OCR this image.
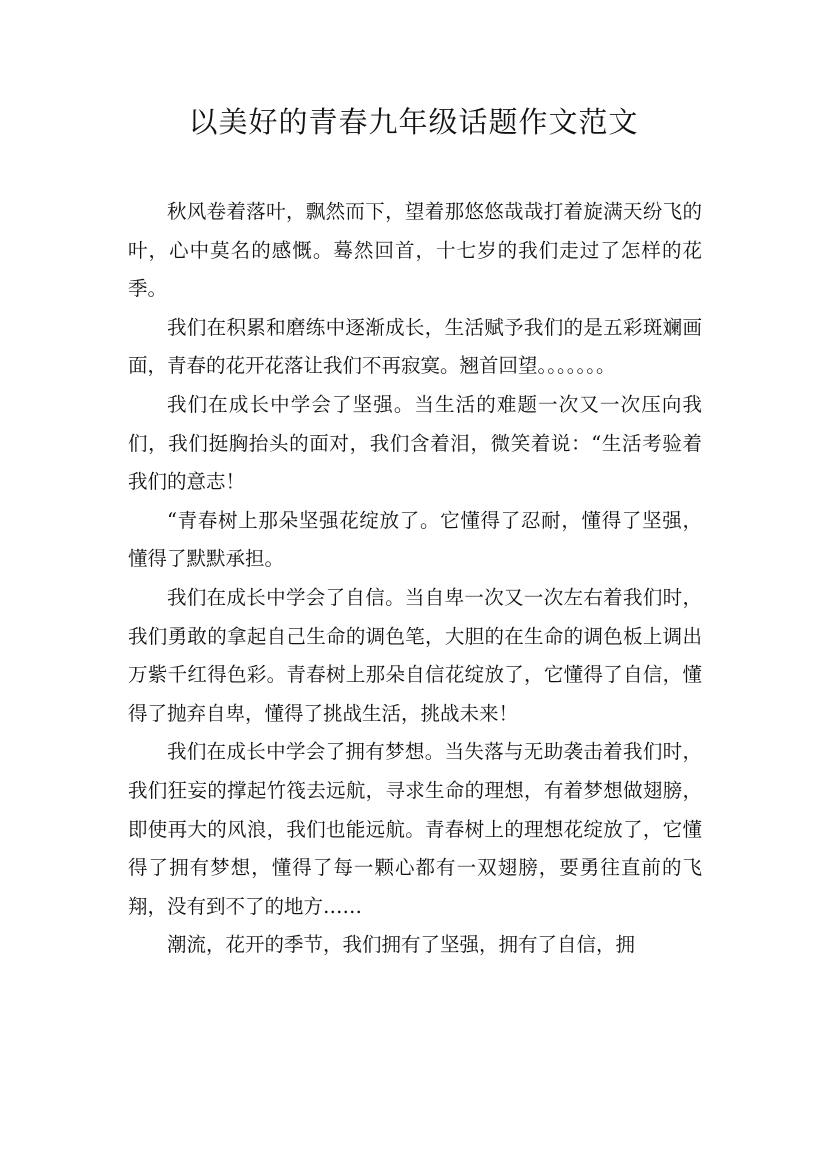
以美好的青春九年级话题作文范文

秋风卷着落叶，飘然而下，望着那悠悠哉哉打着旋满天纷飞的叶，心中莫名的感慨。蓦然回首，十七岁的我们走过了怎样的花季。

我们在积累和磨练中逐渐成长，生活赋予我们的是五彩斑斓画面，青春的花开花落让我们不再寂寞。翘首回望。。。。。。。

我们在成长中学会了坚强。当生活的难题一次又一次压向我们，我们挺胸抬头的面对，我们含着泪，微笑着说：“生活考验着我们的意志！

“青春树上那朵坚强花绽放了。它懂得了忍耐，懂得了坚强，懂得了默默承担。

我们在成长中学会了自信。当自卑一次又一次左右着我们时，我们勇敢的拿起自己生命的调色笔，大胆的在生命的调色板上调出万紫千红得色彩。青春树上那朵自信花绽放了，它懂得了自信，懂得了抛弃自卑，懂得了挑战生活，挑战未来！

我们在成长中学会了拥有梦想。当失落与无助袭击着我们时，我们狂妄的撑起竹筏去远航，寻求生命的理想，有着梦想做翅膀，即使再大的风浪，我们也能远航。青春树上的理想花绽放了，它懂得了拥有梦想，懂得了每一颗心都有一双翅膀，要勇往直前的飞翔，没有到不了的地方……

潮流，花开的季节，我们拥有了坚强，拥有了自信，拥
